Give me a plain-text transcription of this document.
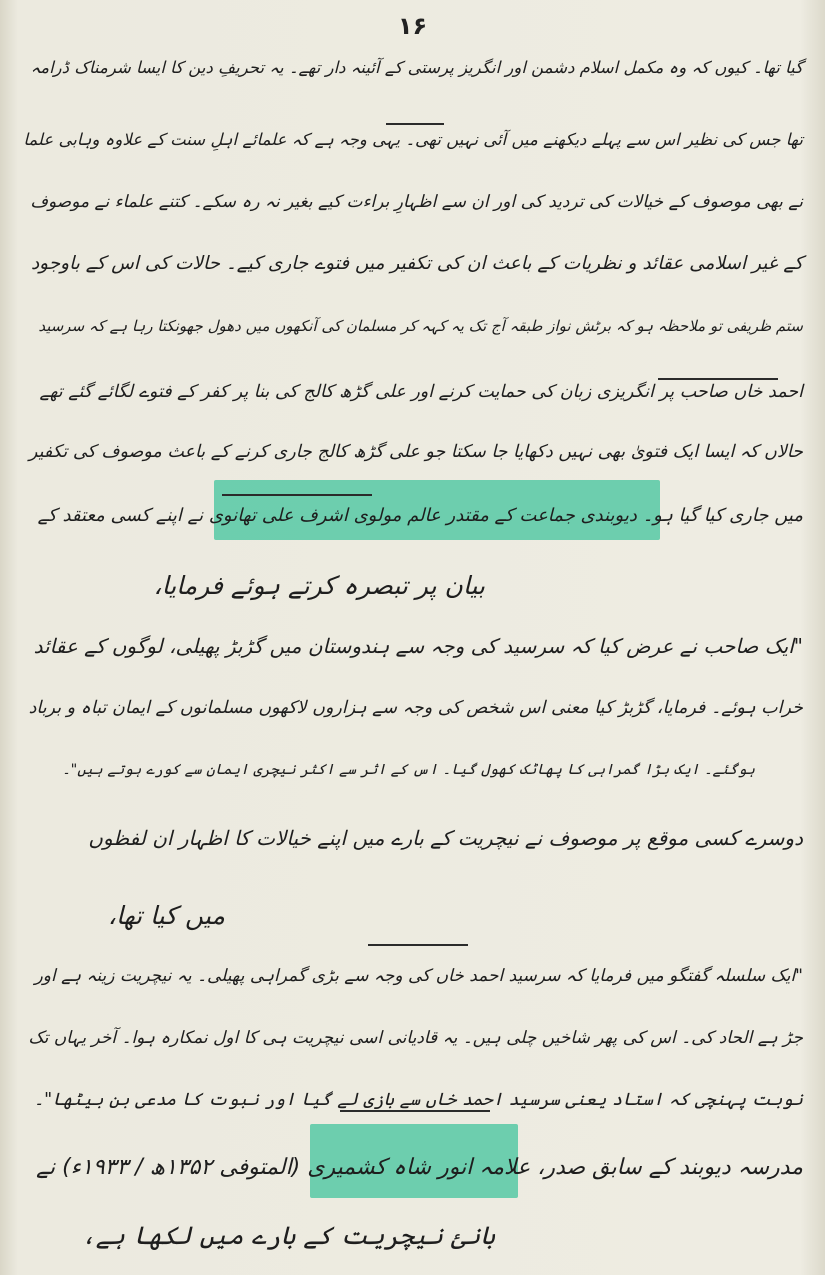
۱۶
گیا تھا۔ کیوں کہ وہ مکمل اسلام دشمن اور انگریز پرستی کے آئینہ دار تھے۔ یہ تحریفِ دین کا ایسا شرمناک ڈرامہ
تھا جس کی نظیر اس سے پہلے دیکھنے میں آئی نہیں تھی۔ یہی وجہ ہے کہ علمائے اہلِ سنت کے علاوہ وہابی علما
نے بھی موصوف کے خیالات کی تردید کی اور ان سے اظہارِ براءت کیے بغیر نہ رہ سکے۔ کتنے علماء نے موصوف
کے غیر اسلامی عقائد و نظریات کے باعث ان کی تکفیر میں فتوے جاری کیے۔ حالات کی اس کے باوجود
ستم ظریفی تو ملاحظہ ہو کہ برٹش نواز طبقہ آج تک یہ کہہ کر مسلمان کی آنکھوں میں دھول جھونکتا رہا ہے کہ سرسید
احمد خاں صاحب پر انگریزی زبان کی حمایت کرنے اور علی گڑھ کالج کی بنا پر کفر کے فتوے لگائے گئے تھے
حالاں کہ ایسا ایک فتویٰ بھی نہیں دکھایا جا سکتا جو علی گڑھ کالج جاری کرنے کے باعث موصوف کی تکفیر
میں جاری کیا گیا ہو۔ دیوبندی جماعت کے مقتدر عالم مولوی اشرف علی تھانوی نے اپنے کسی معتقد کے
بیان پر تبصرہ کرتے ہوئے فرمایا،
"ایک صاحب نے عرض کیا کہ سرسید کی وجہ سے ہندوستان میں گڑبڑ پھیلی، لوگوں کے عقائد
خراب ہوئے۔ فرمایا، گڑبڑ کیا معنی اس شخص کی وجہ سے ہزاروں لاکھوں مسلمانوں کے ایمان تباہ و برباد
ہوگئے۔ ایک بڑا گمراہی کا پھاٹک کھول گیا۔ اس کے اثر سے اکثر نیچری ایمان سے کورے ہوتے ہیں"۔
دوسرے کسی موقع پر موصوف نے نیچریت کے بارے میں اپنے خیالات کا اظہار ان لفظوں
میں کیا تھا،
"ایک سلسلہ گفتگو میں فرمایا کہ سرسید احمد خاں کی وجہ سے بڑی گمراہی پھیلی۔ یہ نیچریت زینہ ہے اور
جڑ ہے الحاد کی۔ اس کی پھر شاخیں چلی ہیں۔ یہ قادیانی اسی نیچریت ہی کا اول نمکارہ ہوا۔ آخر یہاں تک
نوبت پہنچی کہ استاد یعنی سرسید احمد خاں سے بازی لے گیا اور نبوت کا مدعی بن بیٹھا"۔
مدرسہ دیوبند کے سابق صدر، علامہ انور شاہ کشمیری (المتوفی ۱۳۵۲ھ / ۱۹۳۳ء) نے
بانیٔ نیچریت کے بارے میں لکھا ہے،
